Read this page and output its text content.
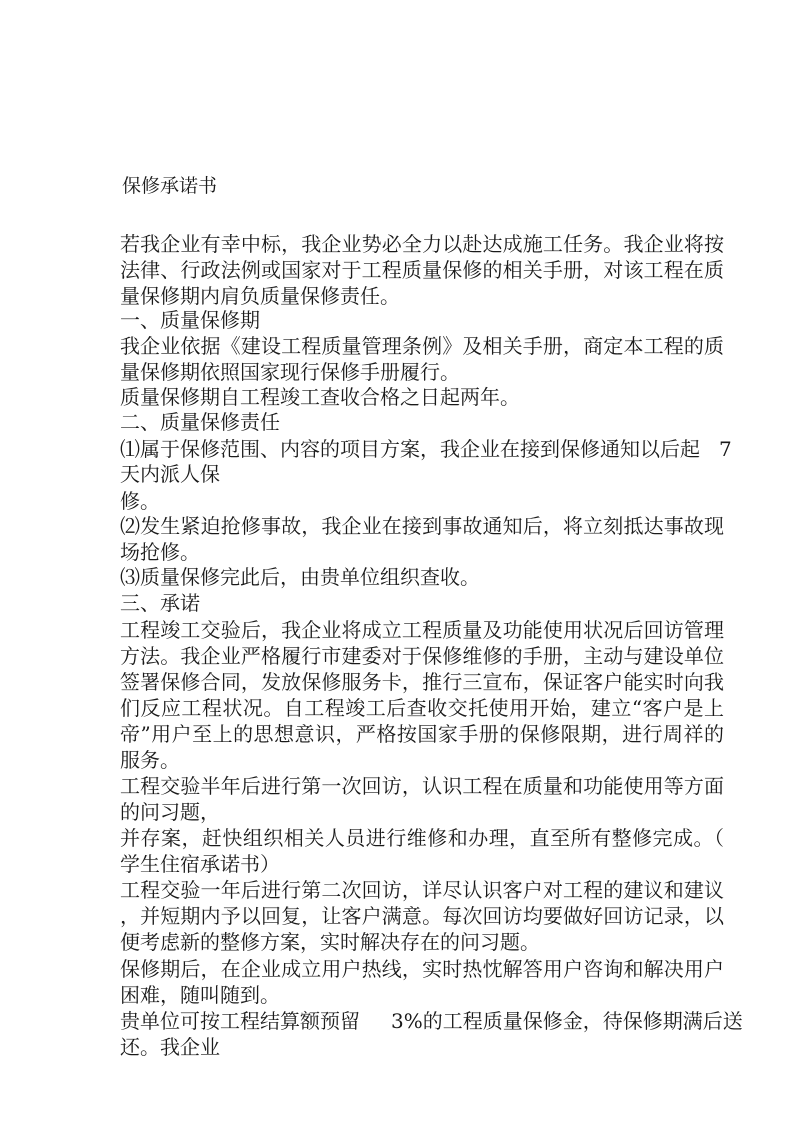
保修承诺书
若我企业有幸中标，我企业势必全力以赴达成施工任务。我企业将按
法律、行政法例或国家对于工程质量保修的相关手册，对该工程在质
量保修期内肩负质量保修责任。
一、质量保修期
我企业依据《建设工程质量管理条例》及相关手册，商定本工程的质
量保修期依照国家现行保修手册履行。
质量保修期自工程竣工查收合格之日起两年。
二、质量保修责任
⑴属于保修范围、内容的项目方案，我企业在接到保修通知以后起 7
天内派人保
修。
⑵发生紧迫抢修事故，我企业在接到事故通知后，将立刻抵达事故现
场抢修。
⑶质量保修完此后，由贵单位组织查收。
三、承诺
工程竣工交验后，我企业将成立工程质量及功能使用状况后回访管理
方法。我企业严格履行市建委对于保修维修的手册，主动与建设单位
签署保修合同，发放保修服务卡，推行三宣布，保证客户能实时向我
们反应工程状况。自工程竣工后查收交托使用开始，建立“客户是上
帝”用户至上的思想意识，严格按国家手册的保修限期，进行周祥的
服务。
工程交验半年后进行第一次回访，认识工程在质量和功能使用等方面
的问习题，
并存案，赶快组织相关人员进行维修和办理，直至所有整修完成。（
学生住宿承诺书）
工程交验一年后进行第二次回访，详尽认识客户对工程的建议和建议
，并短期内予以回复，让客户满意。每次回访均要做好回访记录，以
便考虑新的整修方案，实时解决存在的问习题。
保修期后，在企业成立用户热线，实时热忱解答用户咨询和解决用户
困难，随叫随到。
贵单位可按工程结算额预留 3%的工程质量保修金，待保修期满后送
还。我企业
